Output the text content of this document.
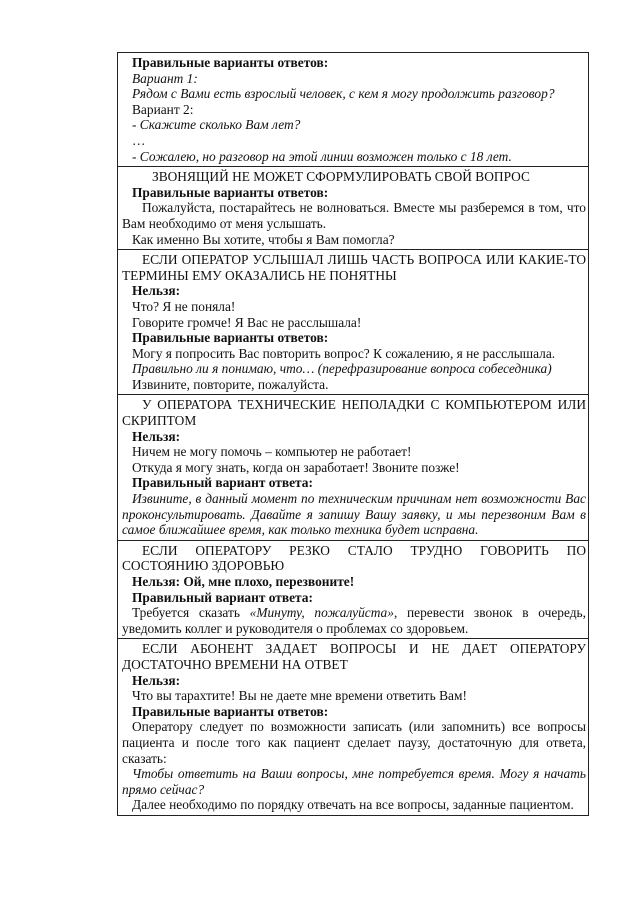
Правильные варианты ответов:

Вариант 1:

Рядом с Вами есть взрослый человек, с кем я могу продолжить разговор?

Вариант 2:

- Скажите сколько Вам лет?

…

- Сожалею, но разговор на этой линии возможен только с 18 лет.

ЗВОНЯЩИЙ НЕ МОЖЕТ СФОРМУЛИРОВАТЬ СВОЙ ВОПРОС

Правильные варианты ответов:

Пожалуйста, постарайтесь не волноваться. Вместе мы разберемся в том, что Вам необходимо от меня услышать.

Как именно Вы хотите, чтобы я Вам помогла?

ЕСЛИ ОПЕРАТОР УСЛЫШАЛ ЛИШЬ ЧАСТЬ ВОПРОСА ИЛИ КАКИЕ-ТО ТЕРМИНЫ ЕМУ ОКАЗАЛИСЬ НЕ ПОНЯТНЫ

Нельзя:

Что? Я не поняла!

Говорите громче! Я Вас не расслышала!

Правильные варианты ответов:

Могу я попросить Вас повторить вопрос? К сожалению, я не расслышала.

Правильно ли я понимаю, что… (перефразирование вопроса собеседника)

Извините, повторите, пожалуйста.

У ОПЕРАТОРА ТЕХНИЧЕСКИЕ НЕПОЛАДКИ С КОМПЬЮТЕРОМ ИЛИ СКРИПТОМ

Нельзя:

Ничем не могу помочь – компьютер не работает!

Откуда я могу знать, когда он заработает! Звоните позже!

Правильный вариант ответа:

Извините, в данный момент по техническим причинам нет возможности Вас проконсультировать. Давайте я запишу Вашу заявку, и мы перезвоним Вам в самое ближайшее время, как только техника будет исправна.

ЕСЛИ ОПЕРАТОРУ РЕЗКО СТАЛО ТРУДНО ГОВОРИТЬ ПО СОСТОЯНИЮ ЗДОРОВЬЮ

Нельзя: Ой, мне плохо, перезвоните!

Правильный вариант ответа:

Требуется сказать «Минуту, пожалуйста», перевести звонок в очередь, уведомить коллег и руководителя о проблемах со здоровьем.

ЕСЛИ АБОНЕНТ ЗАДАЕТ ВОПРОСЫ И НЕ ДАЕТ ОПЕРАТОРУ ДОСТАТОЧНО ВРЕМЕНИ НА ОТВЕТ

Нельзя:

Что вы тарахтите! Вы не даете мне времени ответить Вам!

Правильные варианты ответов:

Оператору следует по возможности записать (или запомнить) все вопросы пациента и после того как пациент сделает паузу, достаточную для ответа, сказать:

Чтобы ответить на Ваши вопросы, мне потребуется время. Могу я начать прямо сейчас?

Далее необходимо по порядку отвечать на все вопросы, заданные пациентом.
